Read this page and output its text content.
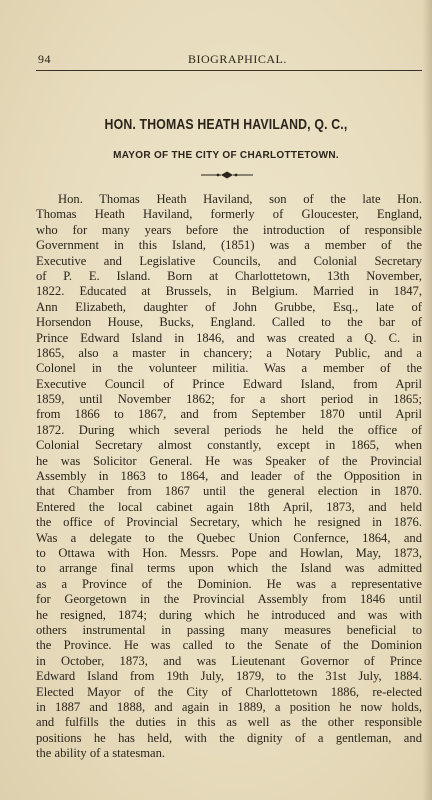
94	BIOGRAPHICAL.
HON. THOMAS HEATH HAVILAND, Q. C.,
MAYOR OF THE CITY OF CHARLOTTETOWN.
Hon. Thomas Heath Haviland, son of the late Hon.
Thomas Heath Haviland, formerly of Gloucester, England,
who for many years before the introduction of responsible
Government in this Island, (1851) was a member of the
Executive and Legislative Councils, and Colonial Secretary
of P. E. Island. Born at Charlottetown, 13th November,
1822. Educated at Brussels, in Belgium. Married in 1847,
Ann Elizabeth, daughter of John Grubbe, Esq., late of
Horsendon House, Bucks, England. Called to the bar of
Prince Edward Island in 1846, and was created a Q. C. in
1865, also a master in chancery; a Notary Public, and a
Colonel in the volunteer militia. Was a member of the
Executive Council of Prince Edward Island, from April
1859, until November 1862; for a short period in 1865;
from 1866 to 1867, and from September 1870 until April
1872. During which several periods he held the office of
Colonial Secretary almost constantly, except in 1865, when
he was Solicitor General. He was Speaker of the Provincial
Assembly in 1863 to 1864, and leader of the Opposition in
that Chamber from 1867 until the general election in 1870.
Entered the local cabinet again 18th April, 1873, and held
the office of Provincial Secretary, which he resigned in 1876.
Was a delegate to the Quebec Union Confernce, 1864, and
to Ottawa with Hon. Messrs. Pope and Howlan, May, 1873,
to arrange final terms upon which the Island was admitted
as a Province of the Dominion. He was a representative
for Georgetown in the Provincial Assembly from 1846 until
he resigned, 1874; during which he introduced and was with
others instrumental in passing many measures beneficial to
the Province. He was called to the Senate of the Dominion
in October, 1873, and was Lieutenant Governor of Prince
Edward Island from 19th July, 1879, to the 31st July, 1884.
Elected Mayor of the City of Charlottetown 1886, re-elected
in 1887 and 1888, and again in 1889, a position he now holds,
and fulfills the duties in this as well as the other responsible
positions he has held, with the dignity of a gentleman, and
the ability of a statesman.
